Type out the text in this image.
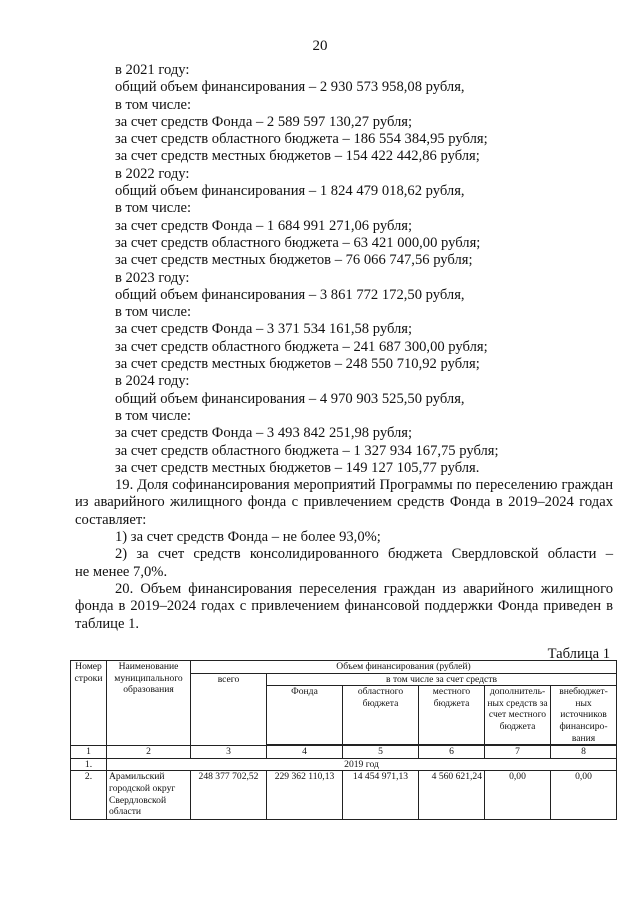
20
в 2021 году:
общий объем финансирования – 2 930 573 958,08 рубля,
в том числе:
за счет средств Фонда – 2 589 597 130,27 рубля;
за счет средств областного бюджета – 186 554 384,95 рубля;
за счет средств местных бюджетов – 154 422 442,86 рубля;
в 2022 году:
общий объем финансирования – 1 824 479 018,62 рубля,
в том числе:
за счет средств Фонда – 1 684 991 271,06 рубля;
за счет средств областного бюджета – 63 421 000,00 рубля;
за счет средств местных бюджетов – 76 066 747,56 рубля;
в 2023 году:
общий объем финансирования – 3 861 772 172,50 рубля,
в том числе:
за счет средств Фонда – 3 371 534 161,58 рубля;
за счет средств областного бюджета – 241 687 300,00 рубля;
за счет средств местных бюджетов – 248 550 710,92 рубля;
в 2024 году:
общий объем финансирования – 4 970 903 525,50 рубля,
в том числе:
за счет средств Фонда – 3 493 842 251,98 рубля;
за счет средств областного бюджета – 1 327 934 167,75 рубля;
за счет средств местных бюджетов – 149 127 105,77 рубля.
19. Доля софинансирования мероприятий Программы по переселению граждан из аварийного жилищного фонда с привлечением средств Фонда в 2019–2024 годах составляет:
1) за счет средств Фонда – не более 93,0%;
2) за счет средств консолидированного бюджета Свердловской области –
не менее 7,0%.
20. Объем финансирования переселения граждан из аварийного жилищного фонда в 2019–2024 годах с привлечением финансовой поддержки Фонда приведен в таблице 1.
Таблица 1
Номер строки	Наименование муниципального образования	Объем финансирования (рублей)					
		всего	в том числе за счет средств				
			Фонда	областного бюджета	местного бюджета	дополнитель-ных средств за счет местного бюджета	внебюджет-ных источников финансиро-вания
1	2	3	4	5	6	7	8
1.	2019 год						
2.	Арамильский городской округ Свердловской области	248 377 702,52	229 362 110,13	14 454 971,13	4 560 621,24	0,00	0,00
